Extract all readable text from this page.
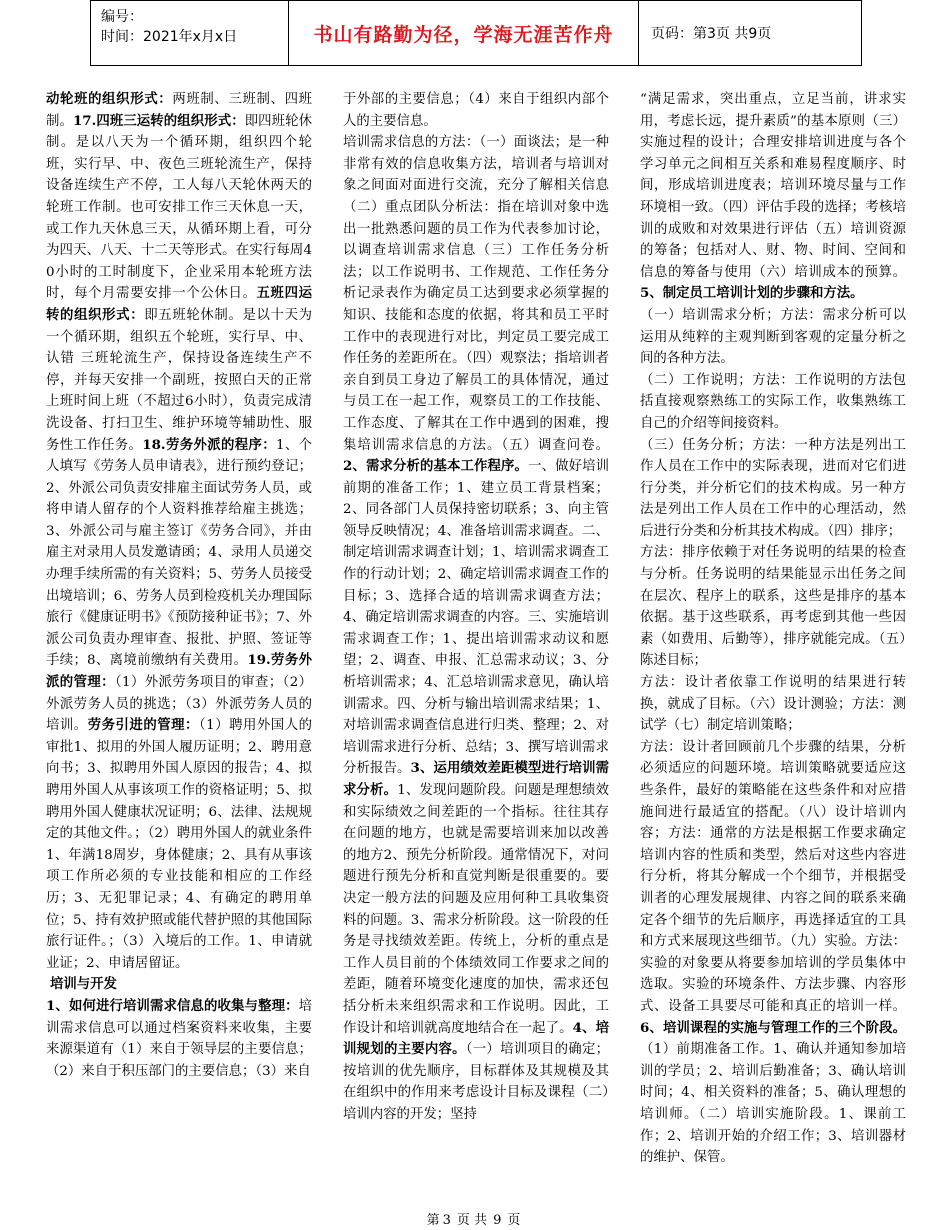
编号：
时间：2021年x月x日	书山有路勤为径，学海无涯苦作舟	页码：第3页 共9页

动轮班的组织形式：两班制、三班制、四班制。17.四班三运转的组织形式：即四班轮休制。是以八天为一个循环期，组织四个轮班，实行早、中、夜色三班轮流生产，保持设备连续生产不停，工人每八天轮休两天的轮班工作制。也可安排工作三天休息一天，或工作九天休息三天，从循环期上看，可分为四天、八天、十二天等形式。在实行每周40小时的工时制度下，企业采用本轮班方法时，每个月需要安排一个公休日。五班四运转的组织形式：即五班轮休制。是以十天为一个循环期，组织五个轮班，实行早、中、认错 三班轮流生产，保持设备连续生产不停，并每天安排一个副班，按照白天的正常上班时间上班（不超过6小时），负责完成清洗设备、打扫卫生、维护环境等辅助性、服务性工作任务。18.劳务外派的程序：1、个人填写《劳务人员申请表》，进行预约登记；2、外派公司负责安排雇主面试劳务人员，或将申请人留存的个人资料推荐给雇主挑选；3、外派公司与雇主签订《劳务合同》，并由雇主对录用人员发邀请函；4、录用人员递交办理手续所需的有关资料；5、劳务人员接受出境培训；6、劳务人员到检疫机关办理国际旅行《健康证明书》《预防接种证书》；7、外派公司负责办理审查、报批、护照、签证等手续；8、离境前缴纳有关费用。19.劳务外派的管理：（1）外派劳务项目的审查；（2）外派劳务人员的挑选；（3）外派劳务人员的培训。劳务引进的管理：（1）聘用外国人的审批1、拟用的外国人履历证明；2、聘用意向书；3、拟聘用外国人原因的报告；4、拟聘用外国人从事该项工作的资格证明；5、拟聘用外国人健康状况证明；6、法律、法规规定的其他文件。；（2）聘用外国人的就业条件1、年满18周岁，身体健康；2、具有从事该项工作所必须的专业技能和相应的工作经历；3、无犯罪记录；4、有确定的聘用单位；5、持有效护照或能代替护照的其他国际旅行证件。；（3）入境后的工作。1、申请就业证；2、申请居留证。

培训与开发

1、如何进行培训需求信息的收集与整理：培训需求信息可以通过档案资料来收集，主要来源渠道有（1）来自于领导层的主要信息；（2）来自于积压部门的主要信息；（3）来自

于外部的主要信息；（4）来自于组织内部个人的主要信息。

培训需求信息的方法：（一）面谈法；是一种非常有效的信息收集方法，培训者与培训对象之间面对面进行交流，充分了解相关信息（二）重点团队分析法：指在培训对象中选出一批熟悉问题的员工作为代表参加讨论，以调查培训需求信息（三）工作任务分析法；以工作说明书、工作规范、工作任务分析记录表作为确定员工达到要求必须掌握的知识、技能和态度的依据，将其和员工平时工作中的表现进行对比，判定员工要完成工作任务的差距所在。（四）观察法；指培训者亲自到员工身边了解员工的具体情况，通过与员工在一起工作，观察员工的工作技能、工作态度、了解其在工作中遇到的困难，搜集培训需求信息的方法。（五）调查问卷。2、需求分析的基本工作程序。一、做好培训前期的准备工作；1、建立员工背景档案；2、同各部门人员保持密切联系；3、向主管领导反映情况；4、准备培训需求调查。二、制定培训需求调查计划；1、培训需求调查工作的行动计划；2、确定培训需求调查工作的目标；3、选择合适的培训需求调查方法；4、确定培训需求调查的内容。三、实施培训需求调查工作；1、提出培训需求动议和愿望；2、调查、申报、汇总需求动议；3、分析培训需求；4、汇总培训需求意见，确认培训需求。四、分析与输出培训需求结果；1、对培训需求调查信息进行归类、整理；2、对培训需求进行分析、总结；3、撰写培训需求分析报告。3、运用绩效差距模型进行培训需求分析。1、发现问题阶段。问题是理想绩效和实际绩效之间差距的一个指标。往往其存在问题的地方，也就是需要培训来加以改善的地方2、预先分析阶段。通常情况下，对问题进行预先分析和直觉判断是很重要的。要决定一般方法的问题及应用何种工具收集资料的问题。3、需求分析阶段。这一阶段的任务是寻找绩效差距。传统上，分析的重点是工作人员目前的个体绩效同工作要求之间的差距，随着环境变化速度的加快，需求还包括分析未来组织需求和工作说明。因此，工作设计和培训就高度地结合在一起了。4、培训规划的主要内容。（一）培训项目的确定；按培训的优先顺序，目标群体及其规模及其在组织中的作用来考虑设计目标及课程（二）培训内容的开发；坚持

“满足需求，突出重点，立足当前，讲求实用，考虑长远，提升素质”的基本原则（三）实施过程的设计；合理安排培训进度与各个学习单元之间相互关系和难易程度顺序、时间，形成培训进度表；培训环境尽量与工作环境相一致。（四）评估手段的选择；考核培训的成败和对效果进行评估（五）培训资源的筹备；包括对人、财、物、时间、空间和信息的筹备与使用（六）培训成本的预算。5、制定员工培训计划的步骤和方法。

（一）培训需求分析；方法：需求分析可以运用从纯粹的主观判断到客观的定量分析之间的各种方法。

（二）工作说明；方法：工作说明的方法包括直接观察熟练工的实际工作，收集熟练工自己的介绍等间接资料。

（三）任务分析；方法：一种方法是列出工作人员在工作中的实际表现，进而对它们进行分类，并分析它们的技术构成。另一种方法是列出工作人员在工作中的心理活动，然后进行分类和分析其技术构成。（四）排序；

方法：排序依赖于对任务说明的结果的检查与分析。任务说明的结果能显示出任务之间在层次、程序上的联系，这些是排序的基本依据。基于这些联系，再考虑到其他一些因素（如费用、后勤等），排序就能完成。（五）陈述目标；

方法：设计者依靠工作说明的结果进行转换，就成了目标。（六）设计测验；方法：测试学（七）制定培训策略；

方法：设计者回顾前几个步骤的结果，分析必须适应的问题环境。培训策略就要适应这些条件，最好的策略能在这些条件和对应措施间进行最适宜的搭配。（八）设计培训内容；方法：通常的方法是根据工作要求确定培训内容的性质和类型，然后对这些内容进行分析，将其分解成一个个细节，并根据受训者的心理发展规律、内容之间的联系来确定各个细节的先后顺序，再选择适宜的工具和方式来展现这些细节。（九）实验。方法：实验的对象要从将要参加培训的学员集体中选取。实验的环境条件、方法步骤、内容形式、设备工具要尽可能和真正的培训一样。6、培训课程的实施与管理工作的三个阶段。（1）前期准备工作。1、确认并通知参加培训的学员；2、培训后勤准备；3、确认培训时间；4、相关资料的准备；5、确认理想的培训师。（二）培训实施阶段。1、课前工作；2、培训开始的介绍工作；3、培训器材的维护、保管。

第 3 页 共 9 页
